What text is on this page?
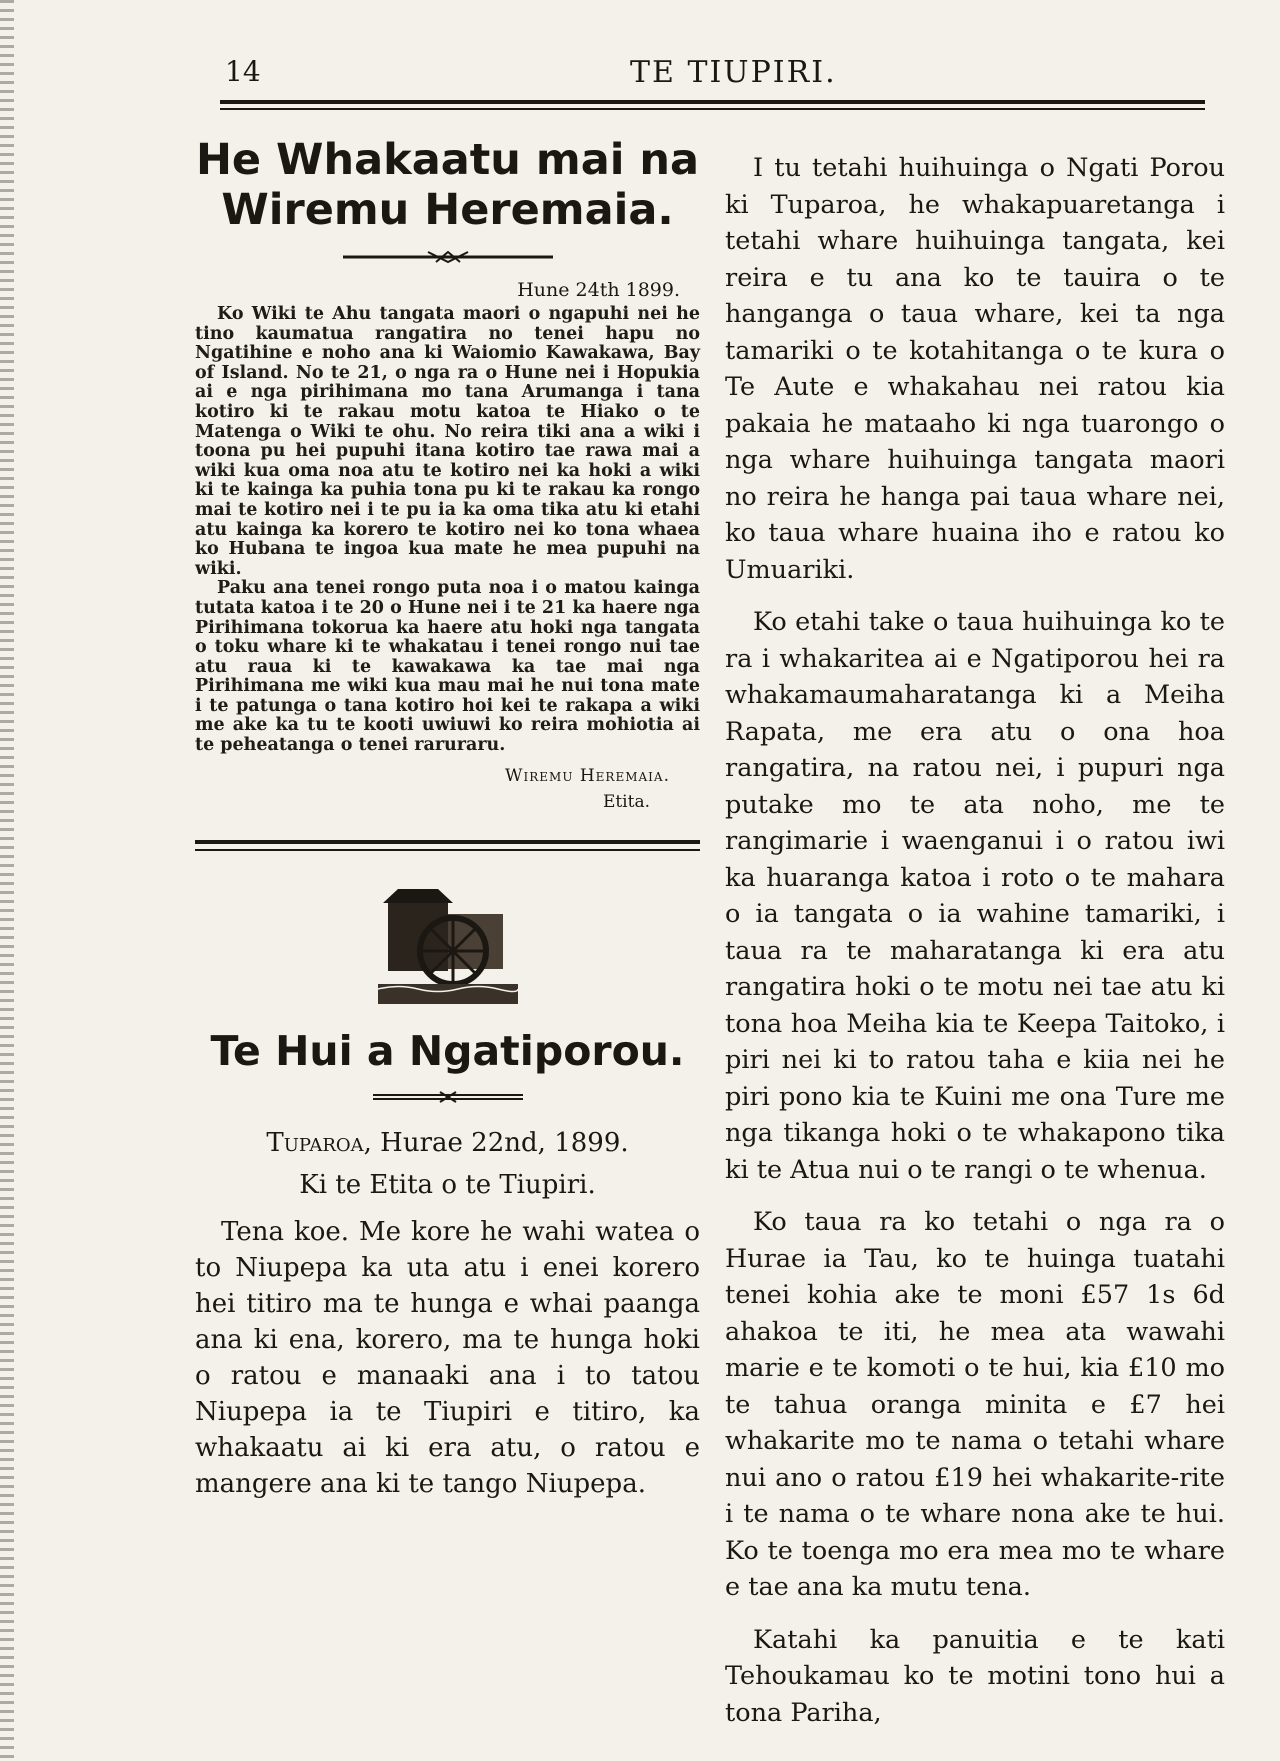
14	TE TIUPIRI.
He Whakaatu mai na Wiremu Heremaia.
Hune 24th 1899.

Ko Wiki te Ahu tangata maori o ngapuhi nei he tino kaumatua rangatira no tenei hapu no Ngatihine e noho ana ki Waiomio Kawakawa, Bay of Island. No te 21, o nga ra o Hune nei i Hopukia ai e nga pirihimana mo tana Arumanga i tana kotiro ki te rakau motu katoa te Hiako o te Matenga o Wiki te ohu. No reira tiki ana a wiki i toona pu hei pupuhi itana kotiro tae rawa mai a wiki kua oma noa atu te kotiro nei ka hoki a wiki ki te kainga ka puhia tona pu ki te rakau ka rongo mai te kotiro nei i te pu ia ka oma tika atu ki etahi atu kainga ka korero te kotiro nei ko tona whaea ko Hubana te ingoa kua mate he mea pupuhi na wiki.

Paku ana tenei rongo puta noa i o matou kainga tutata katoa i te 20 o Hune nei i te 21 ka haere nga Pirihimana tokorua ka haere atu hoki nga tangata o toku whare ki te whakatau i tenei rongo nui tae atu raua ki te kawakawa ka tae mai nga Pirihimana me wiki kua mau mai he nui tona mate i te patunga o tana kotiro hoi kei te rakapa a wiki me ake ka tu te kooti uwiuwi ko reira mohiotia ai te peheatanga o tenei raruraru.

Wiremu Heremaia.
Etita.
Te Hui a Ngatiporou.
Tuparoa, Hurae 22nd, 1899.
Ki te Etita o te Tiupiri.

Tena koe. Me kore he wahi watea o to Niupepa ka uta atu i enei korero hei titiro ma te hunga e whai paanga ana ki ena, korero, ma te hunga hoki o ratou e manaaki ana i to tatou Niupepa ia te Tiupiri e titiro, ka whakaatu ai ki era atu, o ratou e mangere ana ki te tango Niupepa.

I tu tetahi huihuinga o Ngati Porou ki Tuparoa, he whakapuaretanga i tetahi whare huihuinga tangata, kei reira e tu ana ko te tauira o te hanganga o taua whare, kei ta nga tamariki o te kotahitanga o te kura o Te Aute e whakahau nei ratou kia pakaia he mataaho ki nga tuarongo o nga whare huihuinga tangata maori no reira he hanga pai taua whare nei, ko taua whare huaina iho e ratou ko Umuariki.

Ko etahi take o taua huihuinga ko te ra i whakaritea ai e Ngatiporou hei ra whakamaumaharatanga ki a Meiha Rapata, me era atu o ona hoa rangatira, na ratou nei, i pupuri nga putake mo te ata noho, me te rangimarie i waenganui i o ratou iwi ka huaranga katoa i roto o te mahara o ia tangata o ia wahine tamariki, i taua ra te maharatanga ki era atu rangatira hoki o te motu nei tae atu ki tona hoa Meiha kia te Keepa Taitoko, i piri nei ki to ratou taha e kiia nei he piri pono kia te Kuini me ona Ture me nga tikanga hoki o te whakapono tika ki te Atua nui o te rangi o te whenua.

Ko taua ra ko tetahi o nga ra o Hurae ia Tau, ko te huinga tuatahi tenei kohia ake te moni £57 1s 6d ahakoa te iti, he mea ata wawahi marie e te komoti o te hui, kia £10 mo te tahua oranga minita e £7 hei whakarite mo te nama o tetahi whare nui ano o ratou £19 hei whakarite-rite i te nama o te whare nona ake te hui. Ko te toenga mo era mea mo te whare e tae ana ka mutu tena.

Katahi ka panuitia e te kati Tehoukamau ko te motini tono hui a tona Pariha,
